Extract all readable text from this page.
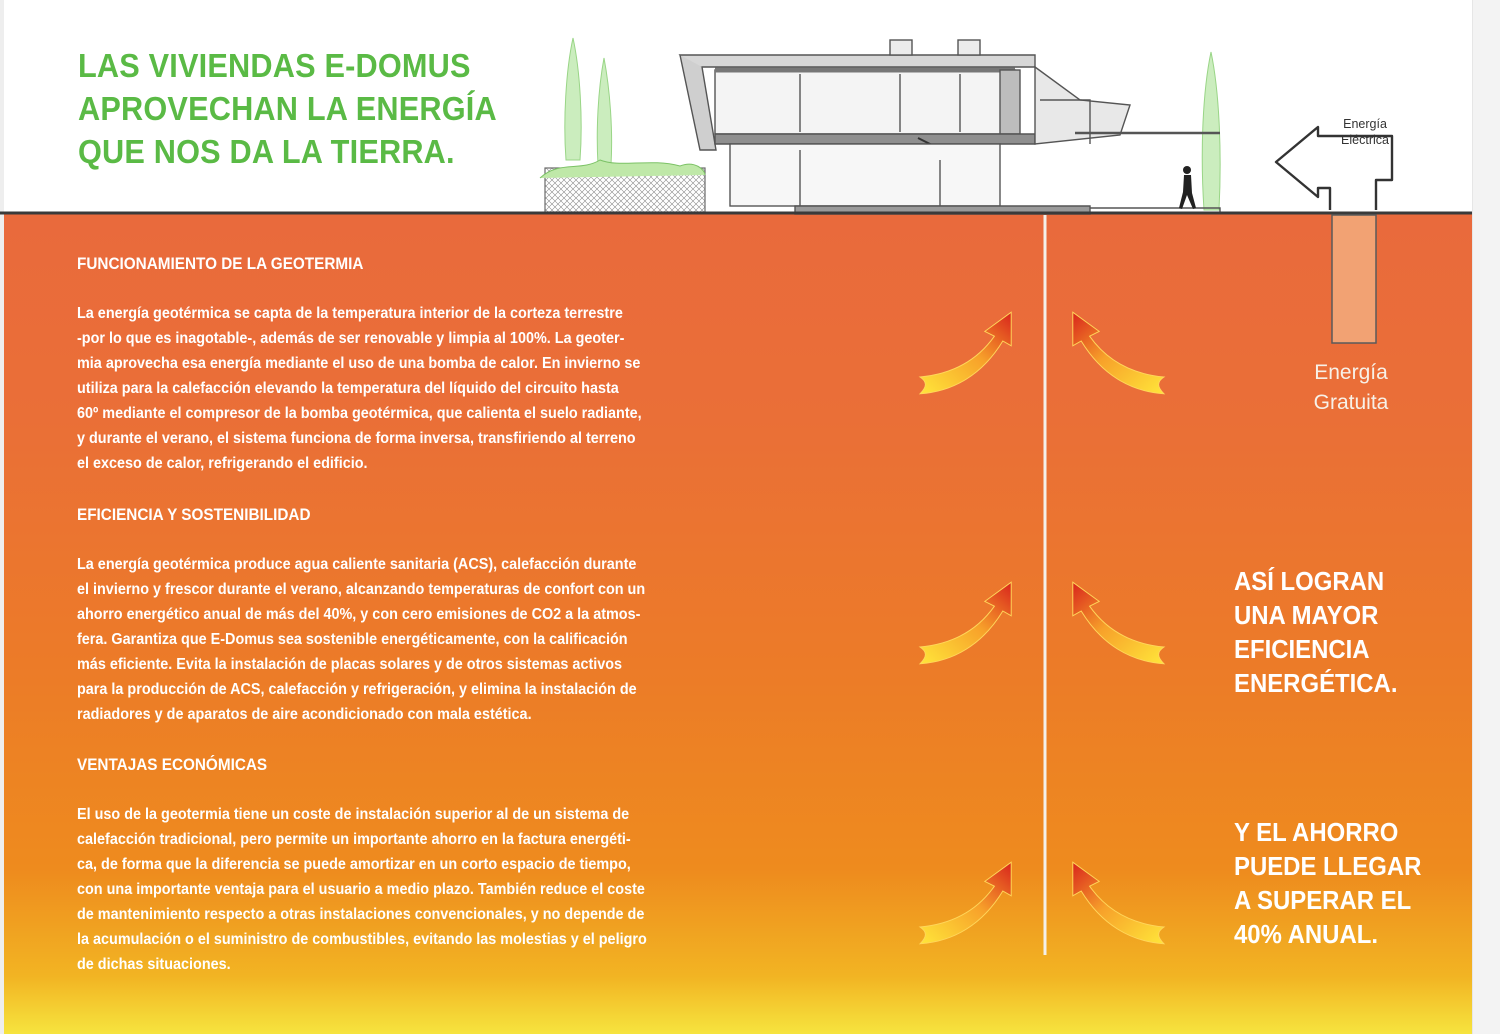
LAS VIVIENDAS E-DOMUS
APROVECHAN LA ENERGÍA
QUE NOS DA LA TIERRA.
Energía
Eléctrica
Energía
Gratuita

FUNCIONAMIENTO DE LA GEOTERMIA

La energía geotérmica se capta de la temperatura interior de la corteza terrestre
-por lo que es inagotable-, además de ser renovable y limpia al 100%. La geoter-
mia aprovecha esa energía mediante el uso de una bomba de calor. En invierno se
utiliza para la calefacción elevando la temperatura del líquido del circuito hasta
60º mediante el compresor de la bomba geotérmica, que calienta el suelo radiante,
y durante el verano, el sistema funciona de forma inversa, transfiriendo al terreno
el exceso de calor, refrigerando el edificio.

EFICIENCIA Y SOSTENIBILIDAD

La energía geotérmica produce agua caliente sanitaria (ACS), calefacción durante
el invierno y frescor durante el verano, alcanzando temperaturas de confort con un
ahorro energético anual de más del 40%, y con cero emisiones de CO2 a la atmos-
fera. Garantiza que E-Domus sea sostenible energéticamente, con la calificación
más eficiente. Evita la instalación de placas solares y de otros sistemas activos
para la producción de ACS, calefacción y refrigeración, y elimina la instalación de
radiadores y de aparatos de aire acondicionado con mala estética.

VENTAJAS ECONÓMICAS

El uso de la geotermia tiene un coste de instalación superior al de un sistema de
calefacción tradicional, pero permite un importante ahorro en la factura energéti-
ca, de forma que la diferencia se puede amortizar en un corto espacio de tiempo,
con una importante ventaja para el usuario a medio plazo. También reduce el coste
de mantenimiento respecto a otras instalaciones convencionales, y no depende de
la acumulación o el suministro de combustibles, evitando las molestias y el peligro
de dichas situaciones.

ASÍ LOGRAN
UNA MAYOR
EFICIENCIA
ENERGÉTICA.
Y EL AHORRO
PUEDE LLEGAR
A SUPERAR EL
40% ANUAL.
